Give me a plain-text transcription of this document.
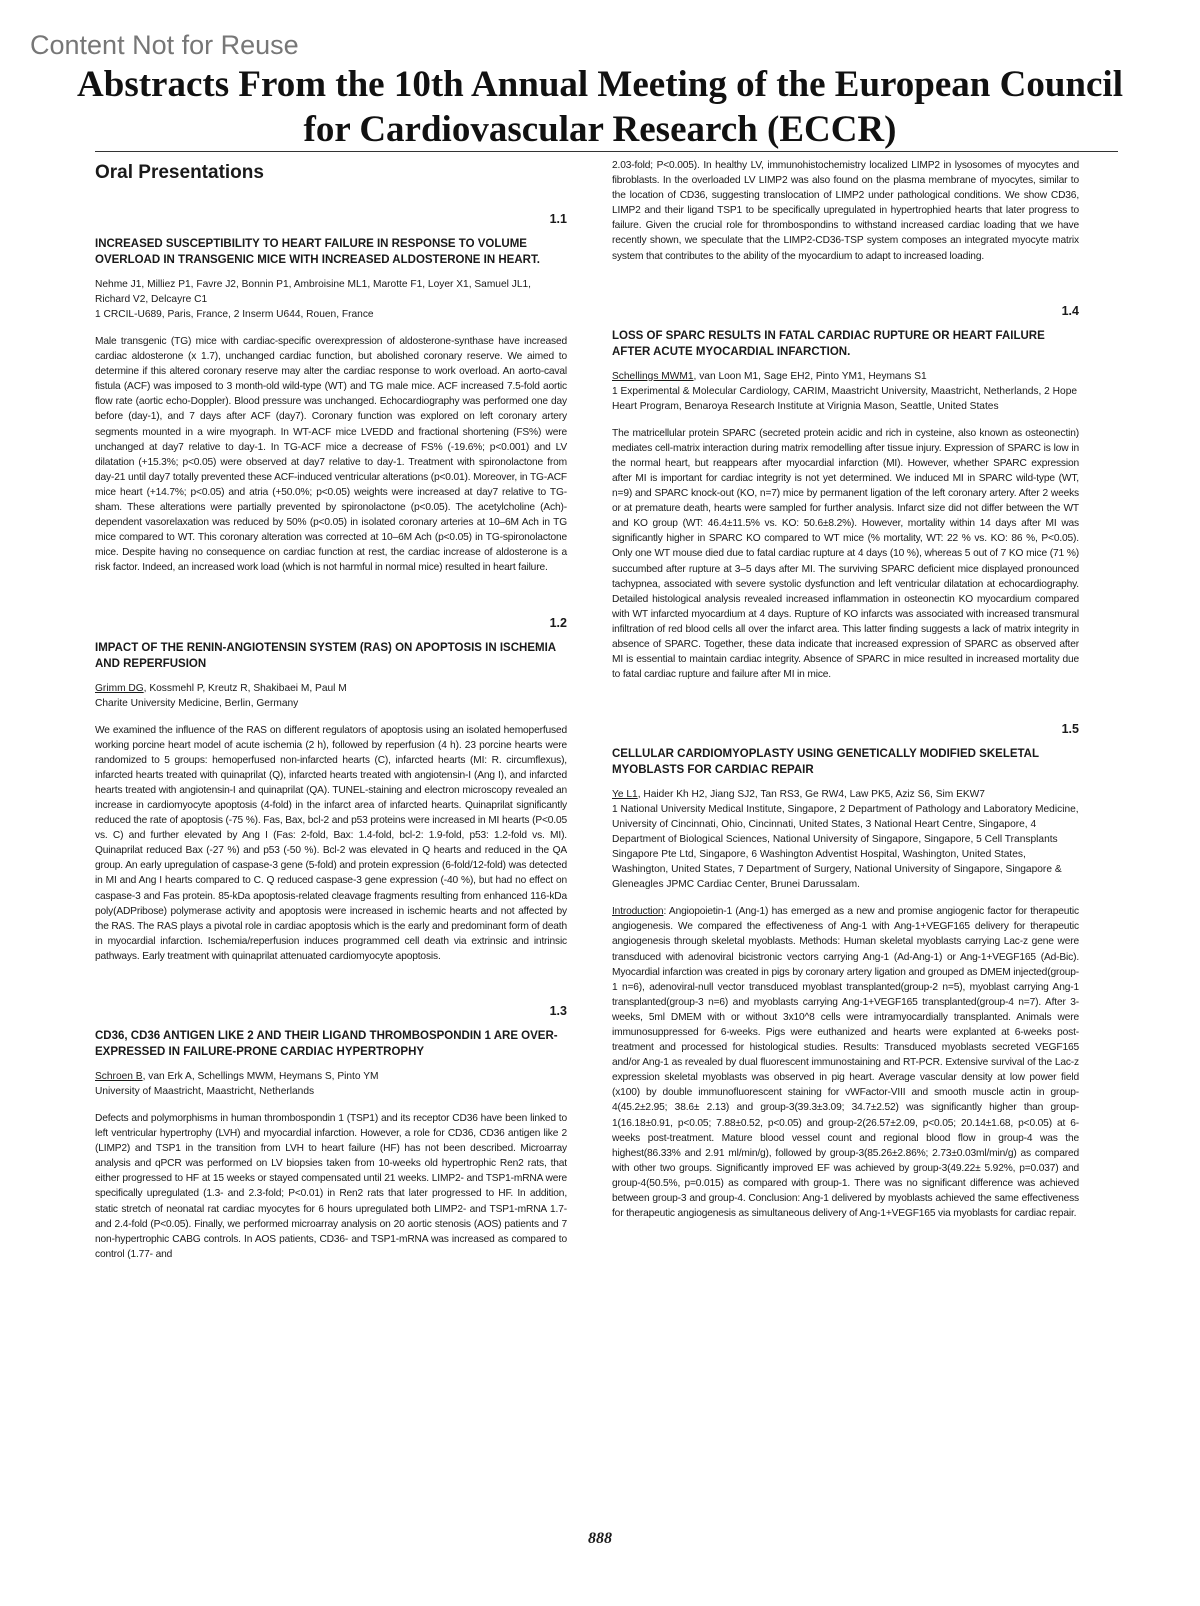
Content Not for Reuse
Abstracts From the 10th Annual Meeting of the European Council for Cardiovascular Research (ECCR)
Oral Presentations
1.1
INCREASED SUSCEPTIBILITY TO HEART FAILURE IN RESPONSE TO VOLUME OVERLOAD IN TRANSGENIC MICE WITH INCREASED ALDOSTERONE IN HEART.
Nehme J1, Milliez P1, Favre J2, Bonnin P1, Ambroisine ML1, Marotte F1, Loyer X1, Samuel JL1, Richard V2, Delcayre C1
1 CRCIL-U689, Paris, France, 2 Inserm U644, Rouen, France

Male transgenic (TG) mice with cardiac-specific overexpression of aldosterone-synthase have increased cardiac aldosterone (x 1.7), unchanged cardiac function, but abolished coronary reserve. We aimed to determine if this altered coronary reserve may alter the cardiac response to work overload. An aorto-caval fistula (ACF) was imposed to 3 month-old wild-type (WT) and TG male mice. ACF increased 7.5-fold aortic flow rate (aortic echo-Doppler). Blood pressure was unchanged. Echocardiography was performed one day before (day-1), and 7 days after ACF (day7). Coronary function was explored on left coronary artery segments mounted in a wire myograph. In WT-ACF mice LVEDD and fractional shortening (FS%) were unchanged at day7 relative to day-1. In TG-ACF mice a decrease of FS% (-19.6%; p<0.001) and LV dilatation (+15.3%; p<0.05) were observed at day7 relative to day-1. Treatment with spironolactone from day-21 until day7 totally prevented these ACF-induced ventricular alterations (p<0.01). Moreover, in TG-ACF mice heart (+14.7%; p<0.05) and atria (+50.0%; p<0.05) weights were increased at day7 relative to TG-sham. These alterations were partially prevented by spironolactone (p<0.05). The acetylcholine (Ach)-dependent vasorelaxation was reduced by 50% (p<0.05) in isolated coronary arteries at 10–6M Ach in TG mice compared to WT. This coronary alteration was corrected at 10–6M Ach (p<0.05) in TG-spironolactone mice. Despite having no consequence on cardiac function at rest, the cardiac increase of aldosterone is a risk factor. Indeed, an increased work load (which is not harmful in normal mice) resulted in heart failure.

1.2
IMPACT OF THE RENIN-ANGIOTENSIN SYSTEM (RAS) ON APOPTOSIS IN ISCHEMIA AND REPERFUSION
Grimm DG, Kossmehl P, Kreutz R, Shakibaei M, Paul M
Charite University Medicine, Berlin, Germany

We examined the influence of the RAS on different regulators of apoptosis using an isolated hemoperfused working porcine heart model of acute ischemia (2 h), followed by reperfusion (4 h). 23 porcine hearts were randomized to 5 groups: hemoperfused non-infarcted hearts (C), infarcted hearts (MI: R. circumflexus), infarcted hearts treated with quinaprilat (Q), infarcted hearts treated with angiotensin-I (Ang I), and infarcted hearts treated with angiotensin-I and quinaprilat (QA). TUNEL-staining and electron microscopy revealed an increase in cardiomyocyte apoptosis (4-fold) in the infarct area of infarcted hearts. Quinaprilat significantly reduced the rate of apoptosis (-75 %). Fas, Bax, bcl-2 and p53 proteins were increased in MI hearts (P<0.05 vs. C) and further elevated by Ang I (Fas: 2-fold, Bax: 1.4-fold, bcl-2: 1.9-fold, p53: 1.2-fold vs. MI). Quinaprilat reduced Bax (-27 %) and p53 (-50 %). Bcl-2 was elevated in Q hearts and reduced in the QA group. An early upregulation of caspase-3 gene (5-fold) and protein expression (6-fold/12-fold) was detected in MI and Ang I hearts compared to C. Q reduced caspase-3 gene expression (-40 %), but had no effect on caspase-3 and Fas protein. 85-kDa apoptosis-related cleavage fragments resulting from enhanced 116-kDa poly(ADPribose) polymerase activity and apoptosis were increased in ischemic hearts and not affected by the RAS. The RAS plays a pivotal role in cardiac apoptosis which is the early and predominant form of death in myocardial infarction. Ischemia/reperfusion induces programmed cell death via extrinsic and intrinsic pathways. Early treatment with quinaprilat attenuated cardiomyocyte apoptosis.

1.3
CD36, CD36 ANTIGEN LIKE 2 AND THEIR LIGAND THROMBOSPONDIN 1 ARE OVER-EXPRESSED IN FAILURE-PRONE CARDIAC HYPERTROPHY
Schroen B, van Erk A, Schellings MWM, Heymans S, Pinto YM
University of Maastricht, Maastricht, Netherlands

Defects and polymorphisms in human thrombospondin 1 (TSP1) and its receptor CD36 have been linked to left ventricular hypertrophy (LVH) and myocardial infarction. However, a role for CD36, CD36 antigen like 2 (LIMP2) and TSP1 in the transition from LVH to heart failure (HF) has not been described. Microarray analysis and qPCR was performed on LV biopsies taken from 10-weeks old hypertrophic Ren2 rats, that either progressed to HF at 15 weeks or stayed compensated until 21 weeks. LIMP2- and TSP1-mRNA were specifically upregulated (1.3- and 2.3-fold; P<0.01) in Ren2 rats that later progressed to HF. In addition, static stretch of neonatal rat cardiac myocytes for 6 hours upregulated both LIMP2- and TSP1-mRNA 1.7- and 2.4-fold (P<0.05). Finally, we performed microarray analysis on 20 aortic stenosis (AOS) patients and 7 non-hypertrophic CABG controls. In AOS patients, CD36- and TSP1-mRNA was increased as compared to control (1.77- and

2.03-fold; P<0.005). In healthy LV, immunohistochemistry localized LIMP2 in lysosomes of myocytes and fibroblasts. In the overloaded LV LIMP2 was also found on the plasma membrane of myocytes, similar to the location of CD36, suggesting translocation of LIMP2 under pathological conditions. We show CD36, LIMP2 and their ligand TSP1 to be specifically upregulated in hypertrophied hearts that later progress to failure. Given the crucial role for thrombospondins to withstand increased cardiac loading that we have recently shown, we speculate that the LIMP2-CD36-TSP system composes an integrated myocyte matrix system that contributes to the ability of the myocardium to adapt to increased loading.

1.4
LOSS OF SPARC RESULTS IN FATAL CARDIAC RUPTURE OR HEART FAILURE AFTER ACUTE MYOCARDIAL INFARCTION.
Schellings MWM1, van Loon M1, Sage EH2, Pinto YM1, Heymans S1
1 Experimental & Molecular Cardiology, CARIM, Maastricht University, Maastricht, Netherlands, 2 Hope Heart Program, Benaroya Research Institute at Virignia Mason, Seattle, United States

The matricellular protein SPARC (secreted protein acidic and rich in cysteine, also known as osteonectin) mediates cell-matrix interaction during matrix remodelling after tissue injury. Expression of SPARC is low in the normal heart, but reappears after myocardial infarction (MI). However, whether SPARC expression after MI is important for cardiac integrity is not yet determined. We induced MI in SPARC wild-type (WT, n=9) and SPARC knock-out (KO, n=7) mice by permanent ligation of the left coronary artery. After 2 weeks or at premature death, hearts were sampled for further analysis. Infarct size did not differ between the WT and KO group (WT: 46.4±11.5% vs. KO: 50.6±8.2%). However, mortality within 14 days after MI was significantly higher in SPARC KO compared to WT mice (% mortality, WT: 22 % vs. KO: 86 %, P<0.05). Only one WT mouse died due to fatal cardiac rupture at 4 days (10 %), whereas 5 out of 7 KO mice (71 %) succumbed after rupture at 3–5 days after MI. The surviving SPARC deficient mice displayed pronounced tachypnea, associated with severe systolic dysfunction and left ventricular dilatation at echocardiography. Detailed histological analysis revealed increased inflammation in osteonectin KO myocardium compared with WT infarcted myocardium at 4 days. Rupture of KO infarcts was associated with increased transmural infiltration of red blood cells all over the infarct area. This latter finding suggests a lack of matrix integrity in absence of SPARC. Together, these data indicate that increased expression of SPARC as observed after MI is essential to maintain cardiac integrity. Absence of SPARC in mice resulted in increased mortality due to fatal cardiac rupture and failure after MI in mice.

1.5
CELLULAR CARDIOMYOPLASTY USING GENETICALLY MODIFIED SKELETAL MYOBLASTS FOR CARDIAC REPAIR
Ye L1, Haider Kh H2, Jiang SJ2, Tan RS3, Ge RW4, Law PK5, Aziz S6, Sim EKW7
1 National University Medical Institute, Singapore, 2 Department of Pathology and Laboratory Medicine, University of Cincinnati, Ohio, Cincinnati, United States, 3 National Heart Centre, Singapore, 4 Department of Biological Sciences, National University of Singapore, Singapore, 5 Cell Transplants Singapore Pte Ltd, Singapore, 6 Washington Adventist Hospital, Washington, United States, Washington, United States, 7 Department of Surgery, National University of Singapore, Singapore & Gleneagles JPMC Cardiac Center, Brunei Darussalam.

Introduction: Angiopoietin-1 (Ang-1) has emerged as a new and promise angiogenic factor for therapeutic angiogenesis. We compared the effectiveness of Ang-1 with Ang-1+VEGF165 delivery for therapeutic angiogenesis through skeletal myoblasts. Methods: Human skeletal myoblasts carrying Lac-z gene were transduced with adenoviral bicistronic vectors carrying Ang-1 (Ad-Ang-1) or Ang-1+VEGF165 (Ad-Bic). Myocardial infarction was created in pigs by coronary artery ligation and grouped as DMEM injected(group-1 n=6), adenoviral-null vector transduced myoblast transplanted(group-2 n=5), myoblast carrying Ang-1 transplanted(group-3 n=6) and myoblasts carrying Ang-1+VEGF165 transplanted(group-4 n=7). After 3-weeks, 5ml DMEM with or without 3x10^8 cells were intramyocardially transplanted. Animals were immunosuppressed for 6-weeks. Pigs were euthanized and hearts were explanted at 6-weeks post-treatment and processed for histological studies. Results: Transduced myoblasts secreted VEGF165 and/or Ang-1 as revealed by dual fluorescent immunostaining and RT-PCR. Extensive survival of the Lac-z expression skeletal myoblasts was observed in pig heart. Average vascular density at low power field (x100) by double immunofluorescent staining for vWFactor-VIII and smooth muscle actin in group-4(45.2±2.95; 38.6± 2.13) and group-3(39.3±3.09; 34.7±2.52) was significantly higher than group-1(16.18±0.91, p<0.05; 7.88±0.52, p<0.05) and group-2(26.57±2.09, p<0.05; 20.14±1.68, p<0.05) at 6-weeks post-treatment. Mature blood vessel count and regional blood flow in group-4 was the highest(86.33% and 2.91 ml/min/g), followed by group-3(85.26±2.86%; 2.73±0.03ml/min/g) as compared with other two groups. Significantly improved EF was achieved by group-3(49.22± 5.92%, p=0.037) and group-4(50.5%, p=0.015) as compared with group-1. There was no significant difference was achieved between group-3 and group-4. Conclusion: Ang-1 delivered by myoblasts achieved the same effectiveness for therapeutic angiogenesis as simultaneous delivery of Ang-1+VEGF165 via myoblasts for cardiac repair.

888
